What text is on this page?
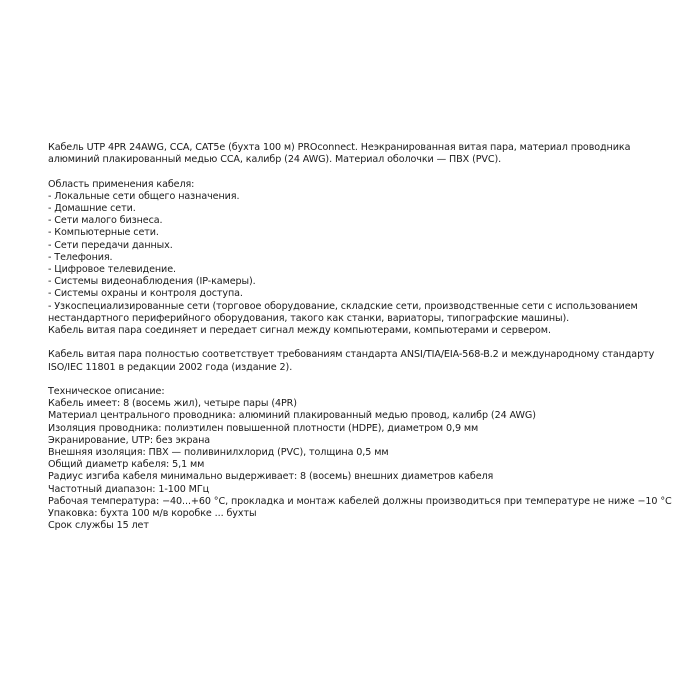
Кабель UTP 4PR 24AWG, CCA, CAT5e (бухта 100 м) PROconnect. Неэкранированная витая пара, материал проводника алюминий плакированный медью CCA, калибр (24 AWG). Материал оболочки — ПВХ (PVC).

Область применения кабеля:
- Локальные сети общего назначения.
- Домашние сети.
- Сети малого бизнеса.
- Компьютерные сети.
- Сети передачи данных.
- Телефония.
- Цифровое телевидение.
- Системы видеонаблюдения (IP-камеры).
- Системы охраны и контроля доступа.
- Узкоспециализированные сети (торговое оборудование, складские сети, производственные сети с использованием нестандартного периферийного оборудования, такого как станки, вариаторы, типографские машины).
Кабель витая пара соединяет и передает сигнал между компьютерами, компьютерами и сервером.

Кабель витая пара полностью соответствует требованиям стандарта ANSI/TIA/EIA-568-B.2 и международному стандарту ISO/IEC 11801 в редакции 2002 года (издание 2).

Техническое описание:
Кабель имеет: 8 (восемь жил), четыре пары (4PR)
Материал центрального проводника: алюминий плакированный медью провод, калибр (24 AWG)
Изоляция проводника: полиэтилен повышенной плотности (HDPE), диаметром 0,9 мм
Экранирование, UTP: без экрана
Внешняя изоляция: ПВХ — поливинилхлорид (PVC), толщина 0,5 мм
Общий диаметр кабеля: 5,1 мм
Радиус изгиба кабеля минимально выдерживает: 8 (восемь) внешних диаметров кабеля
Частотный диапазон: 1-100 МГц
Рабочая температура: −40...+60 °C, прокладка и монтаж кабелей должны производиться при температуре не ниже −10 °C
Упаковка: бухта 100 м/в коробке ... бухты
Срок службы 15 лет
